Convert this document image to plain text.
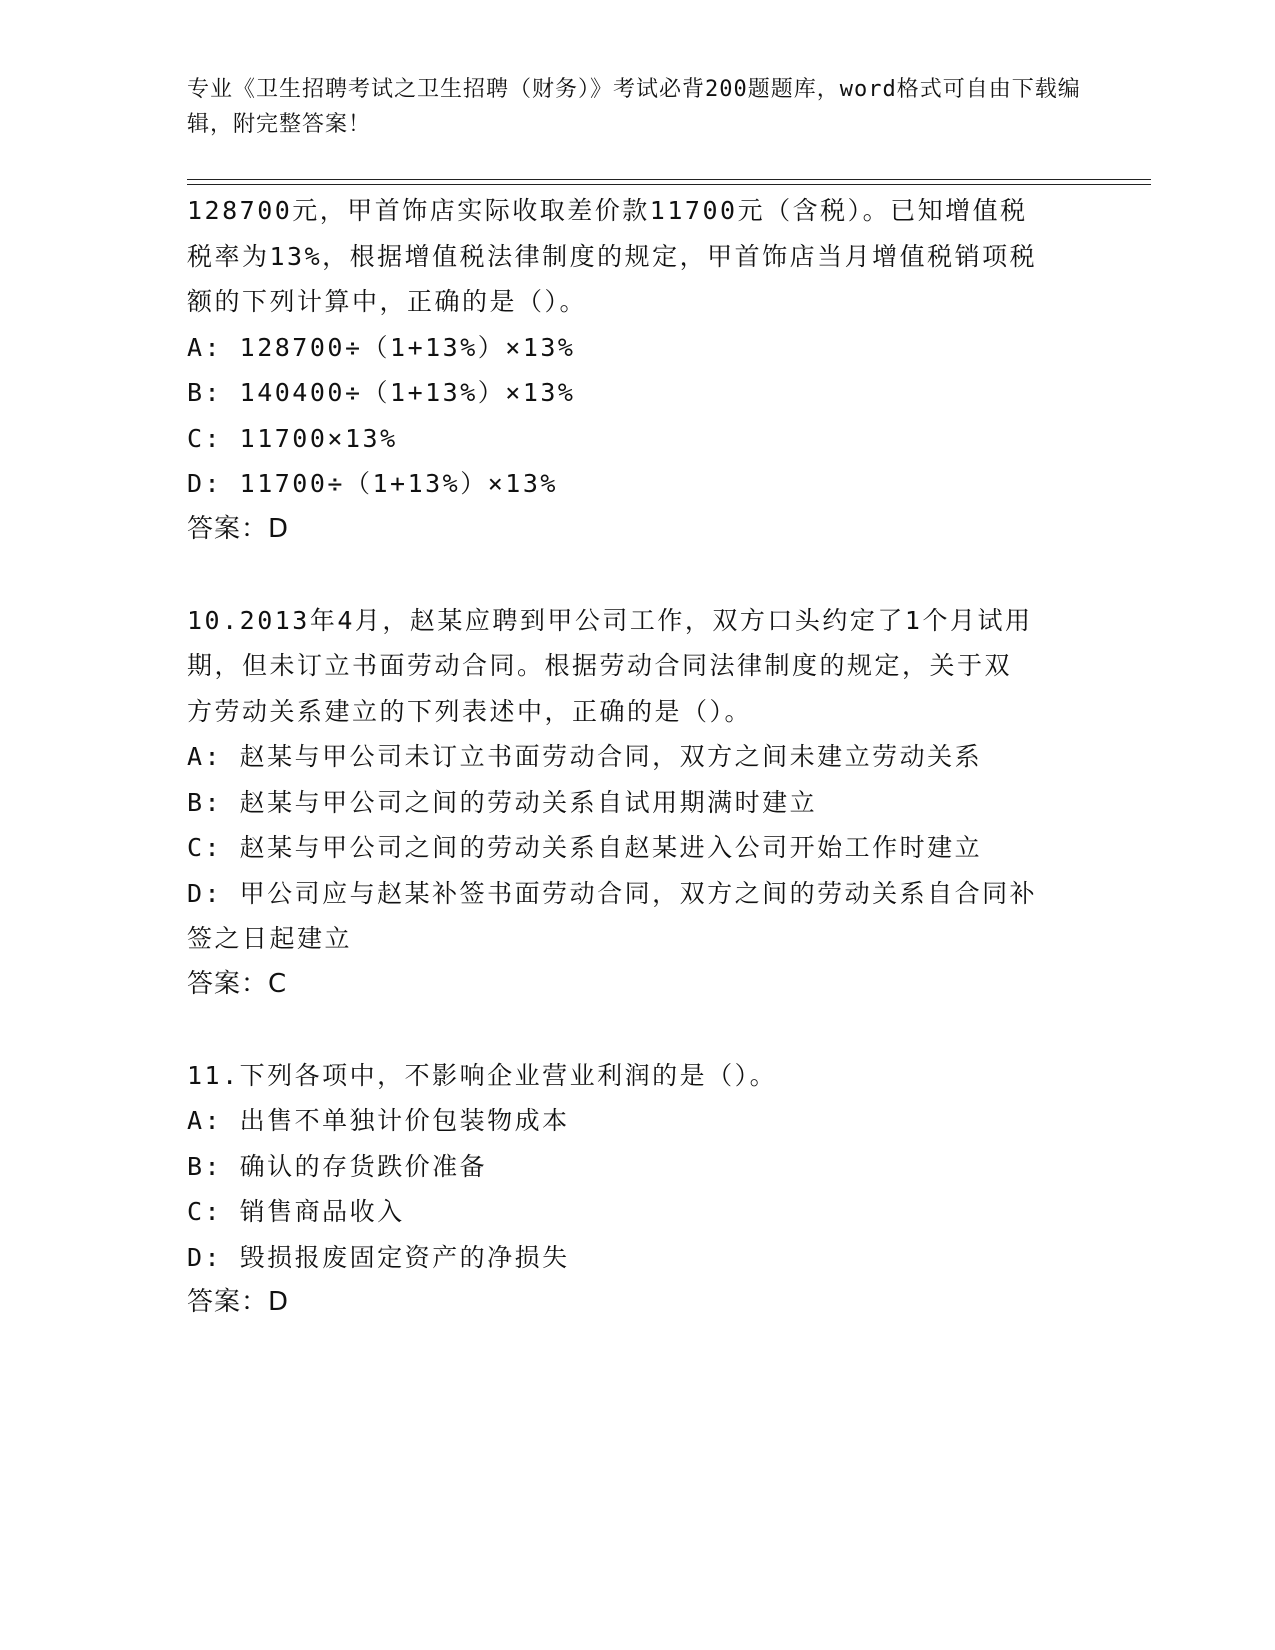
专业《卫生招聘考试之卫生招聘（财务）》考试必背200题题库，word格式可自由下载编辑，附完整答案！
128700元，甲首饰店实际收取差价款11700元（含税）。已知增值税
税率为13%，根据增值税法律制度的规定，甲首饰店当月增值税销项税
额的下列计算中，正确的是（）。
A: 128700÷（1+13%）×13%
B: 140400÷（1+13%）×13%
C: 11700×13%
D: 11700÷（1+13%）×13%
答案：D
10.2013年4月，赵某应聘到甲公司工作，双方口头约定了1个月试用
期，但未订立书面劳动合同。根据劳动合同法律制度的规定，关于双
方劳动关系建立的下列表述中，正确的是（）。
A: 赵某与甲公司未订立书面劳动合同，双方之间未建立劳动关系
B: 赵某与甲公司之间的劳动关系自试用期满时建立
C: 赵某与甲公司之间的劳动关系自赵某进入公司开始工作时建立
D: 甲公司应与赵某补签书面劳动合同，双方之间的劳动关系自合同补
签之日起建立
答案：C
11.下列各项中，不影响企业营业利润的是（）。
A: 出售不单独计价包装物成本
B: 确认的存货跌价准备
C: 销售商品收入
D: 毁损报废固定资产的净损失
答案：D
